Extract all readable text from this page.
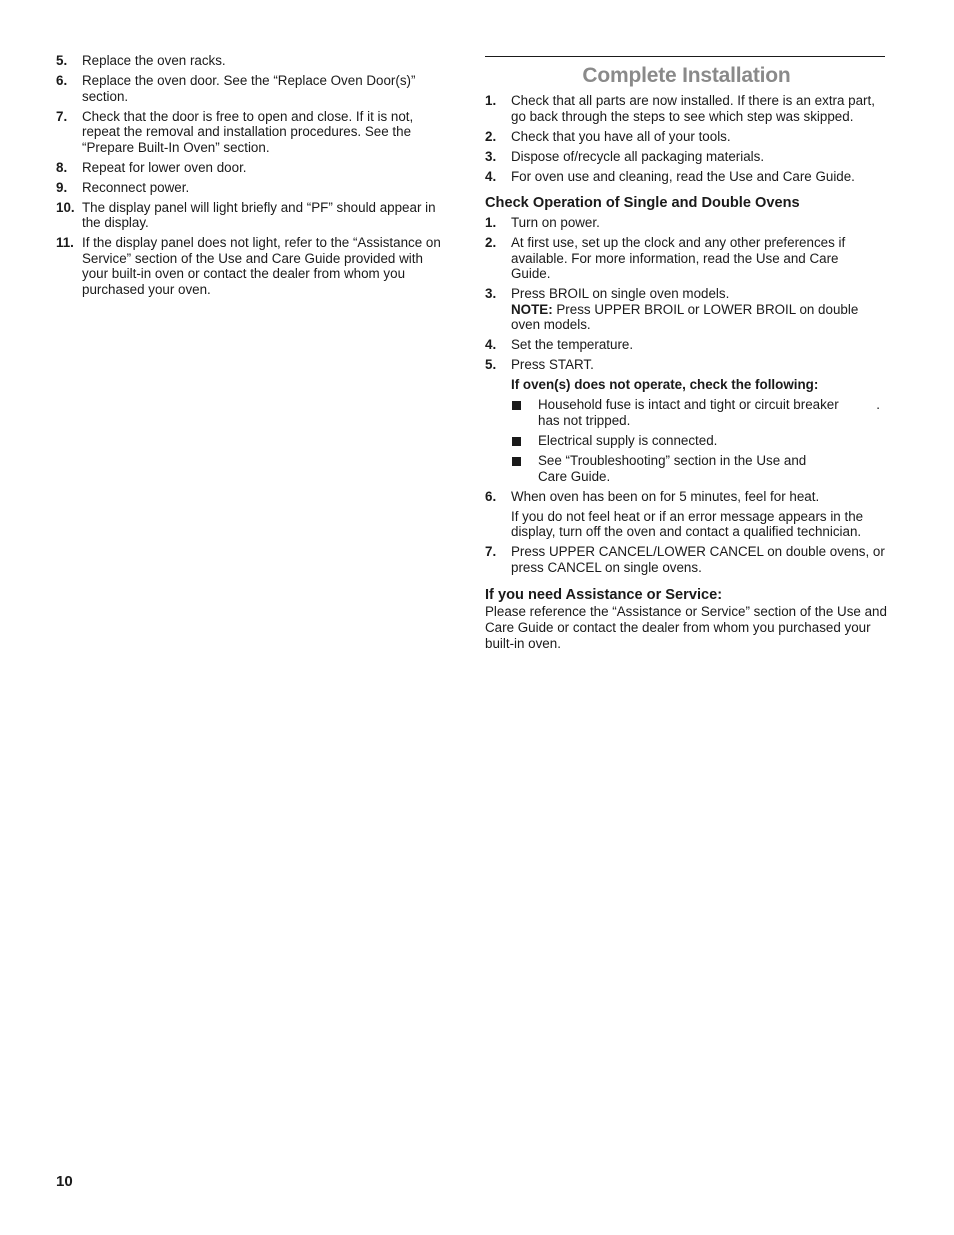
5. Replace the oven racks.
6. Replace the oven door. See the “Replace Oven Door(s)” section.
7. Check that the door is free to open and close. If it is not, repeat the removal and installation procedures. See the “Prepare Built-In Oven” section.
8. Repeat for lower oven door.
9. Reconnect power.
10. The display panel will light briefly and “PF” should appear in the display.
11. If the display panel does not light, refer to the “Assistance on Service” section of the Use and Care Guide provided with your built-in oven or contact the dealer from whom you purchased your oven.
Complete Installation
1. Check that all parts are now installed. If there is an extra part, go back through the steps to see which step was skipped.
2. Check that you have all of your tools.
3. Dispose of/recycle all packaging materials.
4. For oven use and cleaning, read the Use and Care Guide.
Check Operation of Single and Double Ovens
1. Turn on power.
2. At first use, set up the clock and any other preferences if available. For more information, read the Use and Care Guide.
3. Press BROIL on single oven models.
NOTE: Press UPPER BROIL or LOWER BROIL on double oven models.
4. Set the temperature.
5. Press START.
If oven(s) does not operate, check the following:
Household fuse is intact and tight or circuit breaker has not tripped.
.
Electrical supply is connected.
See “Troubleshooting” section in the Use and Care Guide.
6. When oven has been on for 5 minutes, feel for heat.
If you do not feel heat or if an error message appears in the display, turn off the oven and contact a qualified technician.
7. Press UPPER CANCEL/LOWER CANCEL on double ovens, or press CANCEL on single ovens.
If you need Assistance or Service:
Please reference the “Assistance or Service” section of the Use and Care Guide or contact the dealer from whom you purchased your built-in oven.
10
